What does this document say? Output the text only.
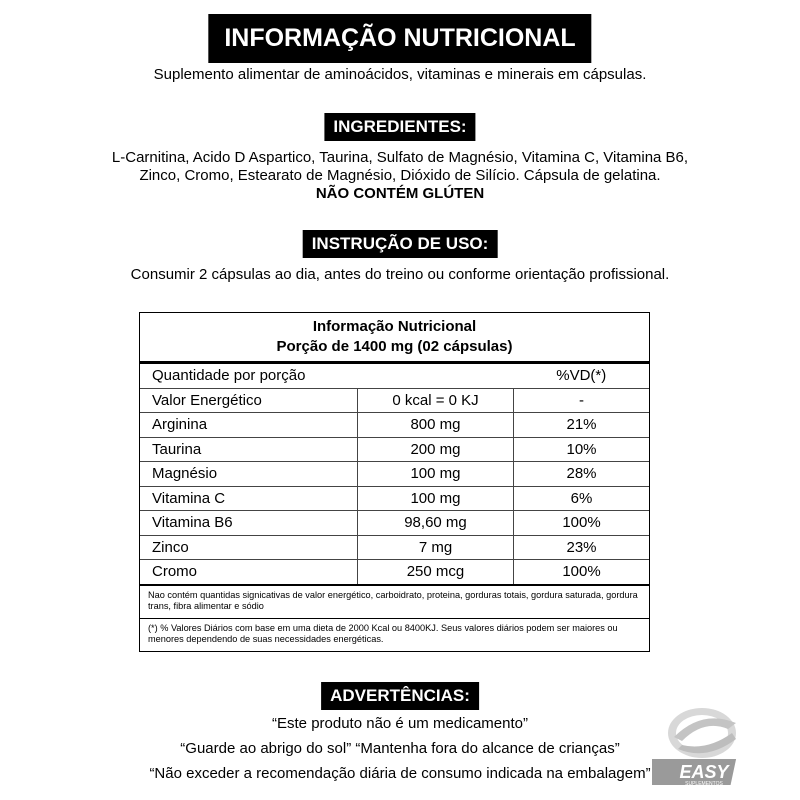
INFORMAÇÃO NUTRICIONAL
Suplemento alimentar de aminoácidos, vitaminas e minerais em cápsulas.
INGREDIENTES:
L-Carnitina, Acido D Aspartico, Taurina, Sulfato de Magnésio, Vitamina C, Vitamina B6,
Zinco, Cromo, Estearato de Magnésio, Dióxido de Silício. Cápsula de gelatina.
NÃO CONTÉM GLÚTEN
INSTRUÇÃO DE USO:
Consumir 2 cápsulas ao dia, antes do treino ou conforme orientação profissional.
Informação Nutricional
Porção de 1400 mg (02 cápsulas)
Quantidade por porção		%VD(*)
Valor Energético	0 kcal = 0 KJ	-
Arginina	800 mg	21%
Taurina	200 mg	10%
Magnésio	100 mg	28%
Vitamina C	100 mg	6%
Vitamina B6	98,60 mg	100%
Zinco	7 mg	23%
Cromo	250 mcg	100%
Nao contém quantidas signicativas de valor energético, carboidrato, proteina, gorduras totais, gordura saturada, gordura trans, fibra alimentar e sódio
(*) % Valores Diários com base em uma dieta de 2000 Kcal ou 8400KJ. Seus valores diários podem ser maiores ou menores dependendo de suas necessidades energéticas.
ADVERTÊNCIAS:
“Este produto não é um medicamento”
“Guarde ao abrigo do sol” “Mantenha fora do alcance de crianças”
“Não exceder a recomendação diária de consumo indicada na embalagem”	EASY
SUPLEMENTOS
